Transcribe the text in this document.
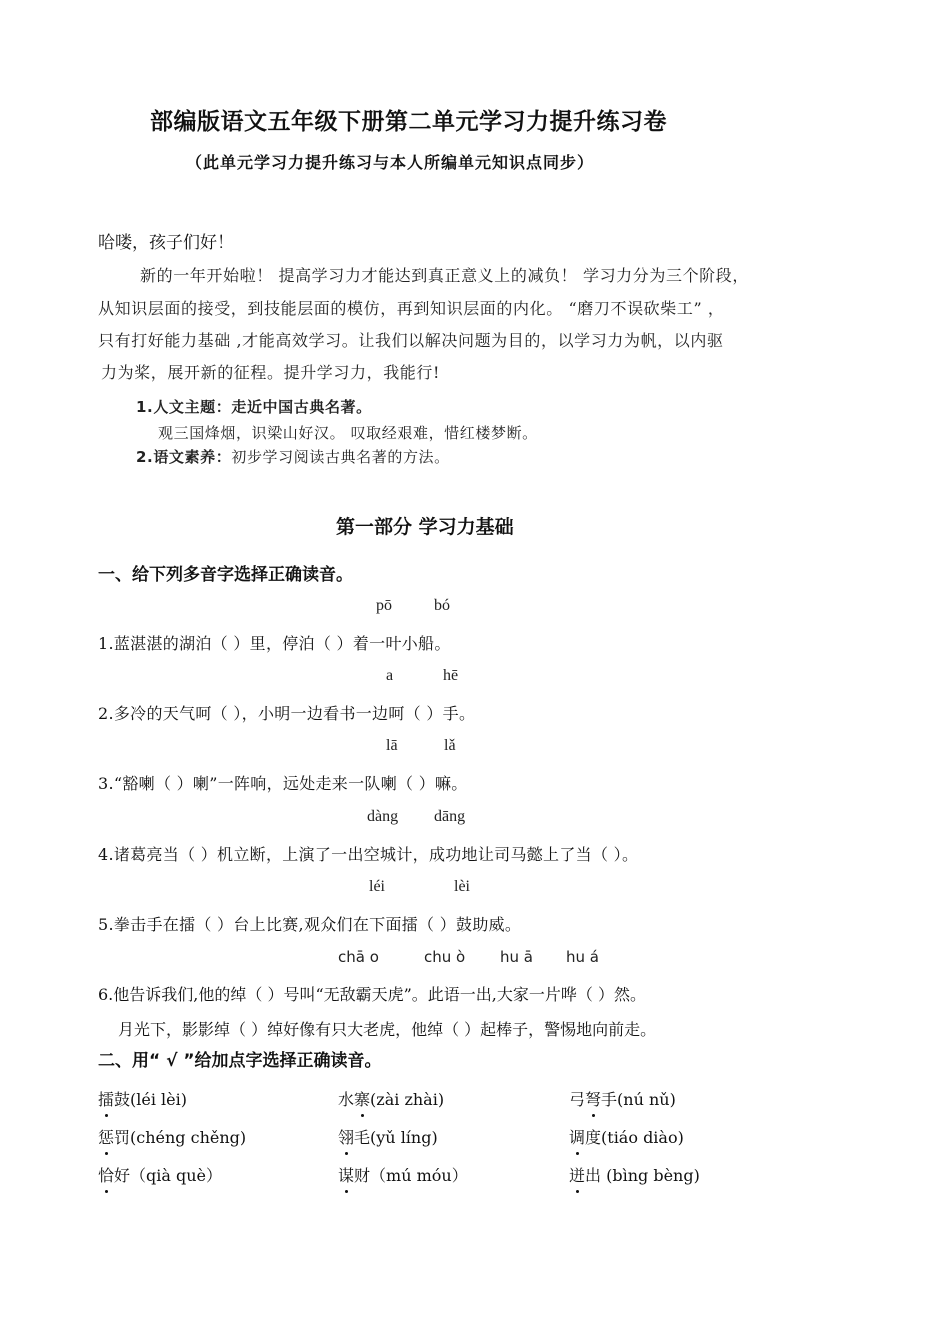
部编版语文五年级下册第二单元学习力提升练习卷
（此单元学习力提升练习与本人所编单元知识点同步）
哈喽，孩子们好！
新的一年开始啦！ 提高学习力才能达到真正意义上的减负！ 学习力分为三个阶段，
从知识层面的接受，到技能层面的模仿，再到知识层面的内化。 “磨刀不误砍柴工” ，
只有打好能力基础 ,才能高效学习。让我们以解决问题为目的，以学习力为帆，以内驱
力为桨，展开新的征程。提升学习力，我能行!
1.人文主题：走近中国古典名著。
观三国烽烟，识梁山好汉。 叹取经艰难，惜红楼梦断。
2.语文素养：初步学习阅读古典名著的方法。
第一部分 学习力基础
一、给下列多音字选择正确读音。
pō	bó
1.蓝湛湛的湖泊（ ）里，停泊（ ）着一叶小船。
a	hē
2.多冷的天气呵（ ），小明一边看书一边呵（ ）手。
lā	lǎ
3.“豁喇（ ）喇”一阵响，远处走来一队喇（ ）嘛。
dàng dāng
4.诸葛亮当（ ）机立断，上演了一出空城计，成功地让司马懿上了当（ ）。
léi	lèi
5.拳击手在擂（ ）台上比赛,观众们在下面擂（ ）鼓助威。
chā o	chu ò hu ā hu á
6.他告诉我们,他的绰（ ）号叫“无敌霸天虎”。此语一出,大家一片哗（ ）然。
月光下，影影绰（ ）绰好像有只大老虎，他绰（ ）起棒子，警惕地向前走。
二、用“ √ ”给加点字选择正确读音。
擂鼓(léi lèi)	水寨(zài zhài)	弓弩手(nú nǔ)
惩罚(chéng chěng)	翎毛(yǔ líng)	调度(tiáo diào)
恰好（qià què）	谋财（mú móu）	迸出 (bìng bèng)
